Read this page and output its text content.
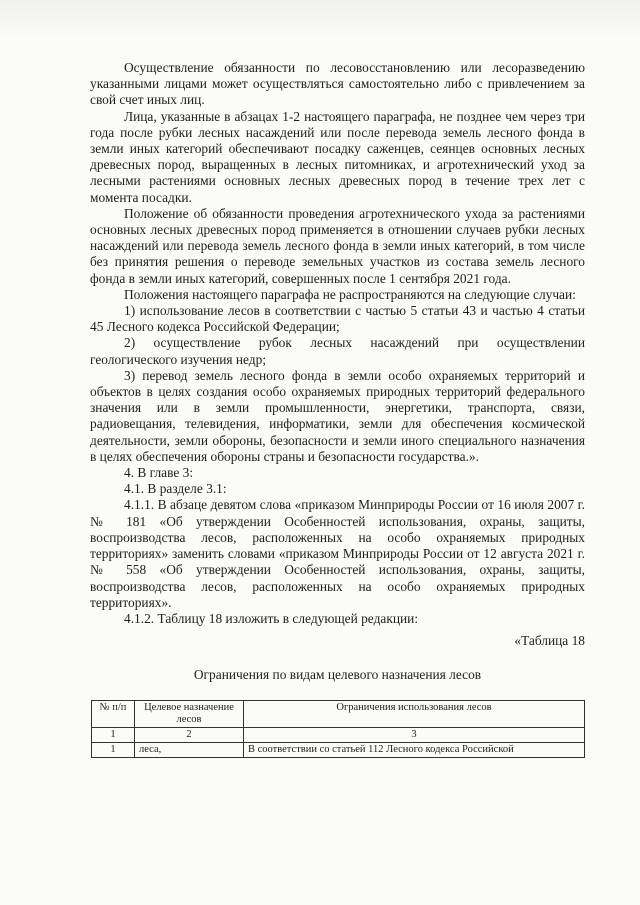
Осуществление обязанности по лесовосстановлению или лесоразведению указанными лицами может осуществляться самостоятельно либо с привлечением за свой счет иных лиц.

Лица, указанные в абзацах 1-2 настоящего параграфа, не позднее чем через три года после рубки лесных насаждений или после перевода земель лесного фонда в земли иных категорий обеспечивают посадку саженцев, сеянцев основных лесных древесных пород, выращенных в лесных питомниках, и агротехнический уход за лесными растениями основных лесных древесных пород в течение трех лет с момента посадки.

Положение об обязанности проведения агротехнического ухода за растениями основных лесных древесных пород применяется в отношении случаев рубки лесных насаждений или перевода земель лесного фонда в земли иных категорий, в том числе без принятия решения о переводе земельных участков из состава земель лесного фонда в земли иных категорий, совершенных после 1 сентября 2021 года.

Положения настоящего параграфа не распространяются на следующие случаи:

1) использование лесов в соответствии с частью 5 статьи 43 и частью 4 статьи 45 Лесного кодекса Российской Федерации;

2) осуществление рубок лесных насаждений при осуществлении геологического изучения недр;

3) перевод земель лесного фонда в земли особо охраняемых территорий и объектов в целях создания особо охраняемых природных территорий федерального значения или в земли промышленности, энергетики, транспорта, связи, радиовещания, телевидения, информатики, земли для обеспечения космической деятельности, земли обороны, безопасности и земли иного специального назначения в целях обеспечения обороны страны и безопасности государства.».

4. В главе 3:

4.1. В разделе 3.1:

4.1.1. В абзаце девятом слова «приказом Минприроды России от 16 июля 2007 г. № 181 «Об утверждении Особенностей использования, охраны, защиты, воспроизводства лесов, расположенных на особо охраняемых природных территориях» заменить словами «приказом Минприроды России от 12 августа 2021 г. № 558 «Об утверждении Особенностей использования, охраны, защиты, воспроизводства лесов, расположенных на особо охраняемых природных территориях».

4.1.2. Таблицу 18 изложить в следующей редакции:

«Таблица 18

Ограничения по видам целевого назначения лесов

№ п/п	Целевое назначение лесов	Ограничения использования лесов
1	2	3
1	леса,	В соответствии со статьей 112 Лесного кодекса Российской
